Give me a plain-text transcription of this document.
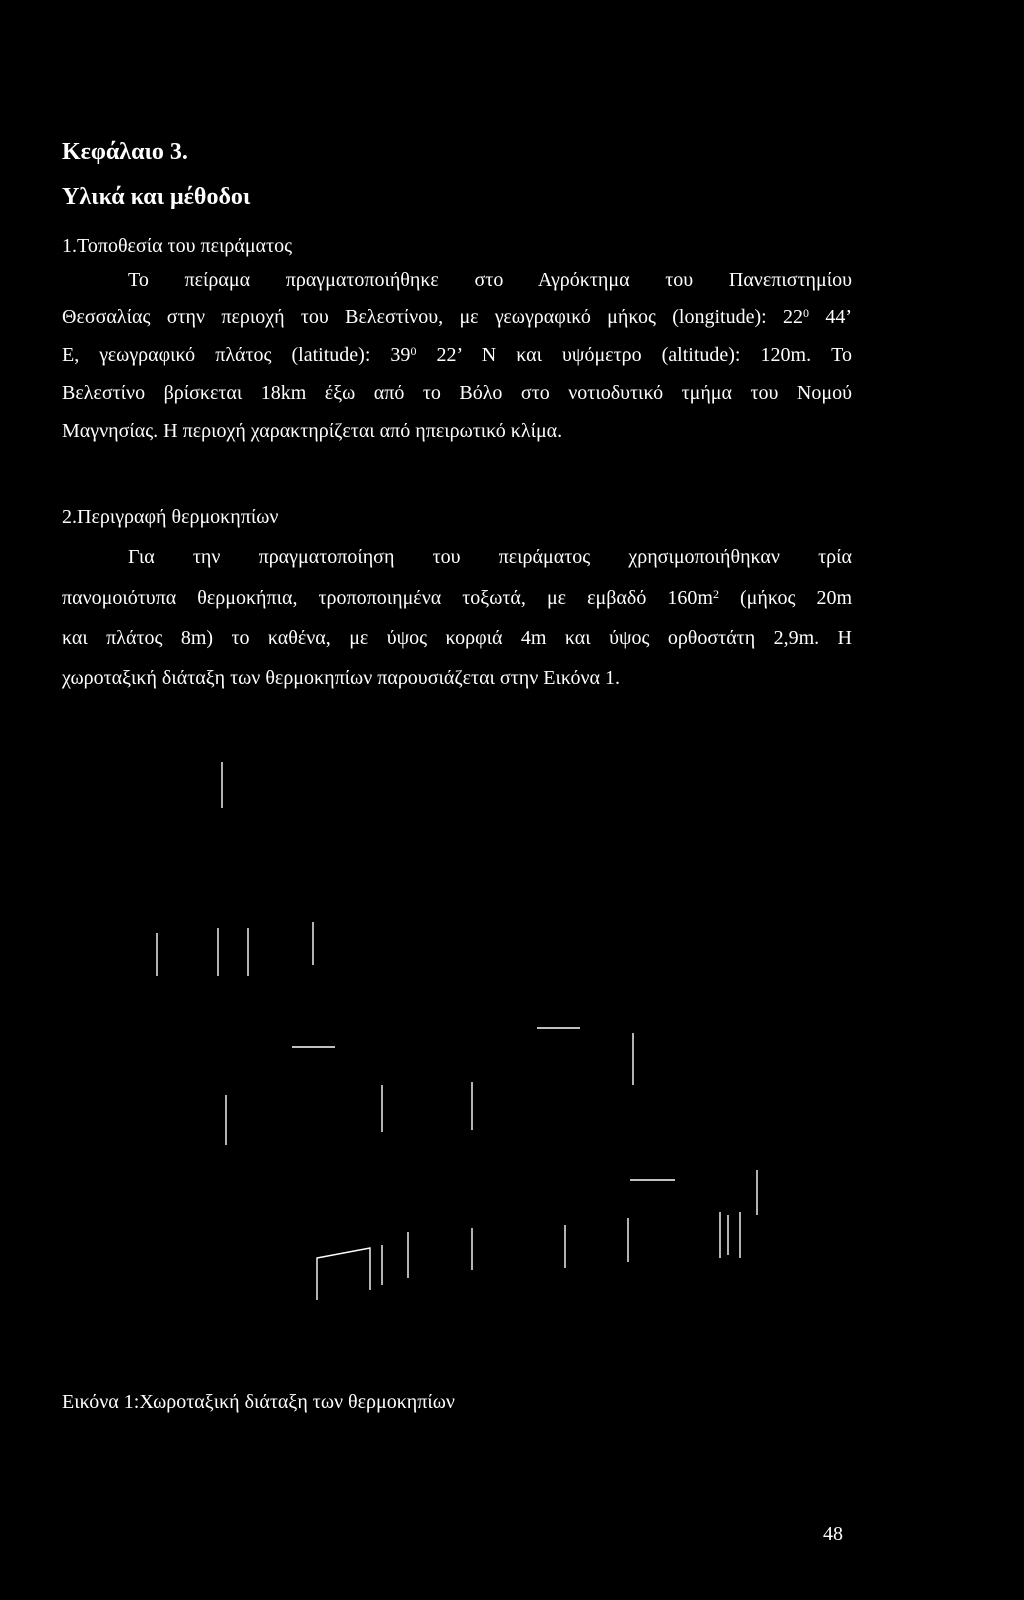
Κεφάλαιο 3.
Υλικά και μέθοδοι

1.Τοποθεσία του πειράματος

Το πείραμα πραγματοποιήθηκε στο Αγρόκτημα του Πανεπιστημίου

Θεσσαλίας στην περιοχή του Βελεστίνου, με γεωγραφικό μήκος (longitude): $22^0$ 44’

Ε, γεωγραφικό πλάτος (latitude): $39^0$ 22’ Ν και υψόμετρο (altitude): 120m. Το

Βελεστίνο βρίσκεται 18km έξω από το Βόλο στο νοτιοδυτικό τμήμα του Νομού

Μαγνησίας. Η περιοχή χαρακτηρίζεται από ηπειρωτικό κλίμα.

2.Περιγραφή θερμοκηπίων

Για την πραγματοποίηση του πειράματος χρησιμοποιήθηκαν τρία

πανομοιότυπα θερμοκήπια, τροποποιημένα τοξωτά, με εμβαδό $160m^2$ (μήκος 20m

και πλάτος 8m) το καθένα, με ύψος κορφιά 4m και ύψος ορθοστάτη 2,9m. Η

χωροταξική διάταξη των θερμοκηπίων παρουσιάζεται στην Εικόνα 1.

Εικόνα 1:Χωροταξική διάταξη των θερμοκηπίων

48
